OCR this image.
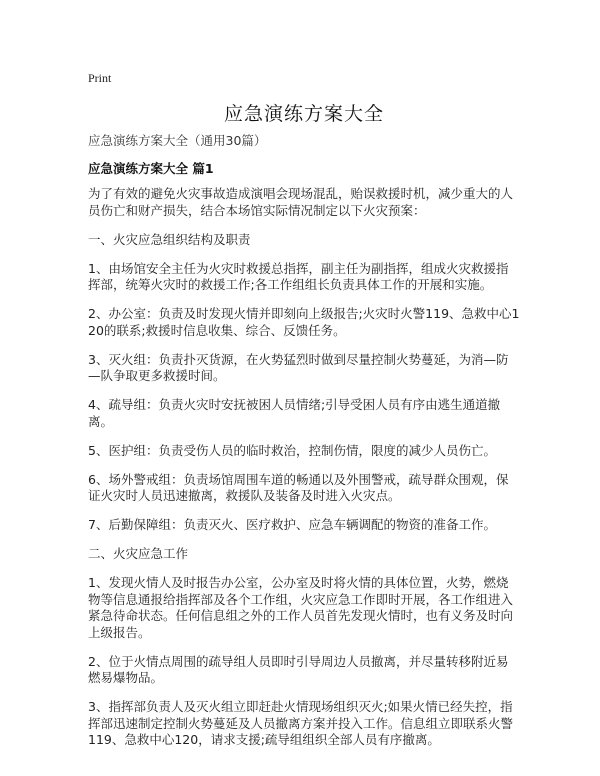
Print
应急演练方案大全
应急演练方案大全（通用30篇）
应急演练方案大全 篇1

为了有效的避免火灾事故造成演唱会现场混乱，贻误救援时机，减少重大的人员伤亡和财产损失，结合本场馆实际情况制定以下火灾预案：

一、火灾应急组织结构及职责

1、由场馆安全主任为火灾时救援总指挥，副主任为副指挥，组成火灾救援指挥部，统筹火灾时的救援工作;各工作组组长负责具体工作的开展和实施。

2、办公室：负责及时发现火情并即刻向上级报告;火灾时火警119、急救中心120的联系;救援时信息收集、综合、反馈任务。

3、灭火组：负责扑灭货源，在火势猛烈时做到尽量控制火势蔓延，为消—防—队争取更多救援时间。

4、疏导组：负责火灾时安抚被困人员情绪;引导受困人员有序由逃生通道撤离。

5、医护组：负责受伤人员的临时救治，控制伤情，限度的减少人员伤亡。

6、场外警戒组：负责场馆周围车道的畅通以及外围警戒，疏导群众围观，保证火灾时人员迅速撤离，救援队及装备及时进入火灾点。

7、后勤保障组：负责灭火、医疗救护、应急车辆调配的物资的准备工作。

二、火灾应急工作

1、发现火情人及时报告办公室，公办室及时将火情的具体位置，火势，燃烧物等信息通报给指挥部及各个工作组，火灾应急工作即时开展，各工作组进入紧急待命状态。任何信息组之外的工作人员首先发现火情时，也有义务及时向上级报告。

2、位于火情点周围的疏导组人员即时引导周边人员撤离，并尽量转移附近易燃易爆物品。

3、指挥部负责人及灭火组立即赶赴火情现场组织灭火;如果火情已经失控，指挥部迅速制定控制火势蔓延及人员撤离方案并投入工作。信息组立即联系火警119、急救中心120，请求支援;疏导组组织全部人员有序撤离。
